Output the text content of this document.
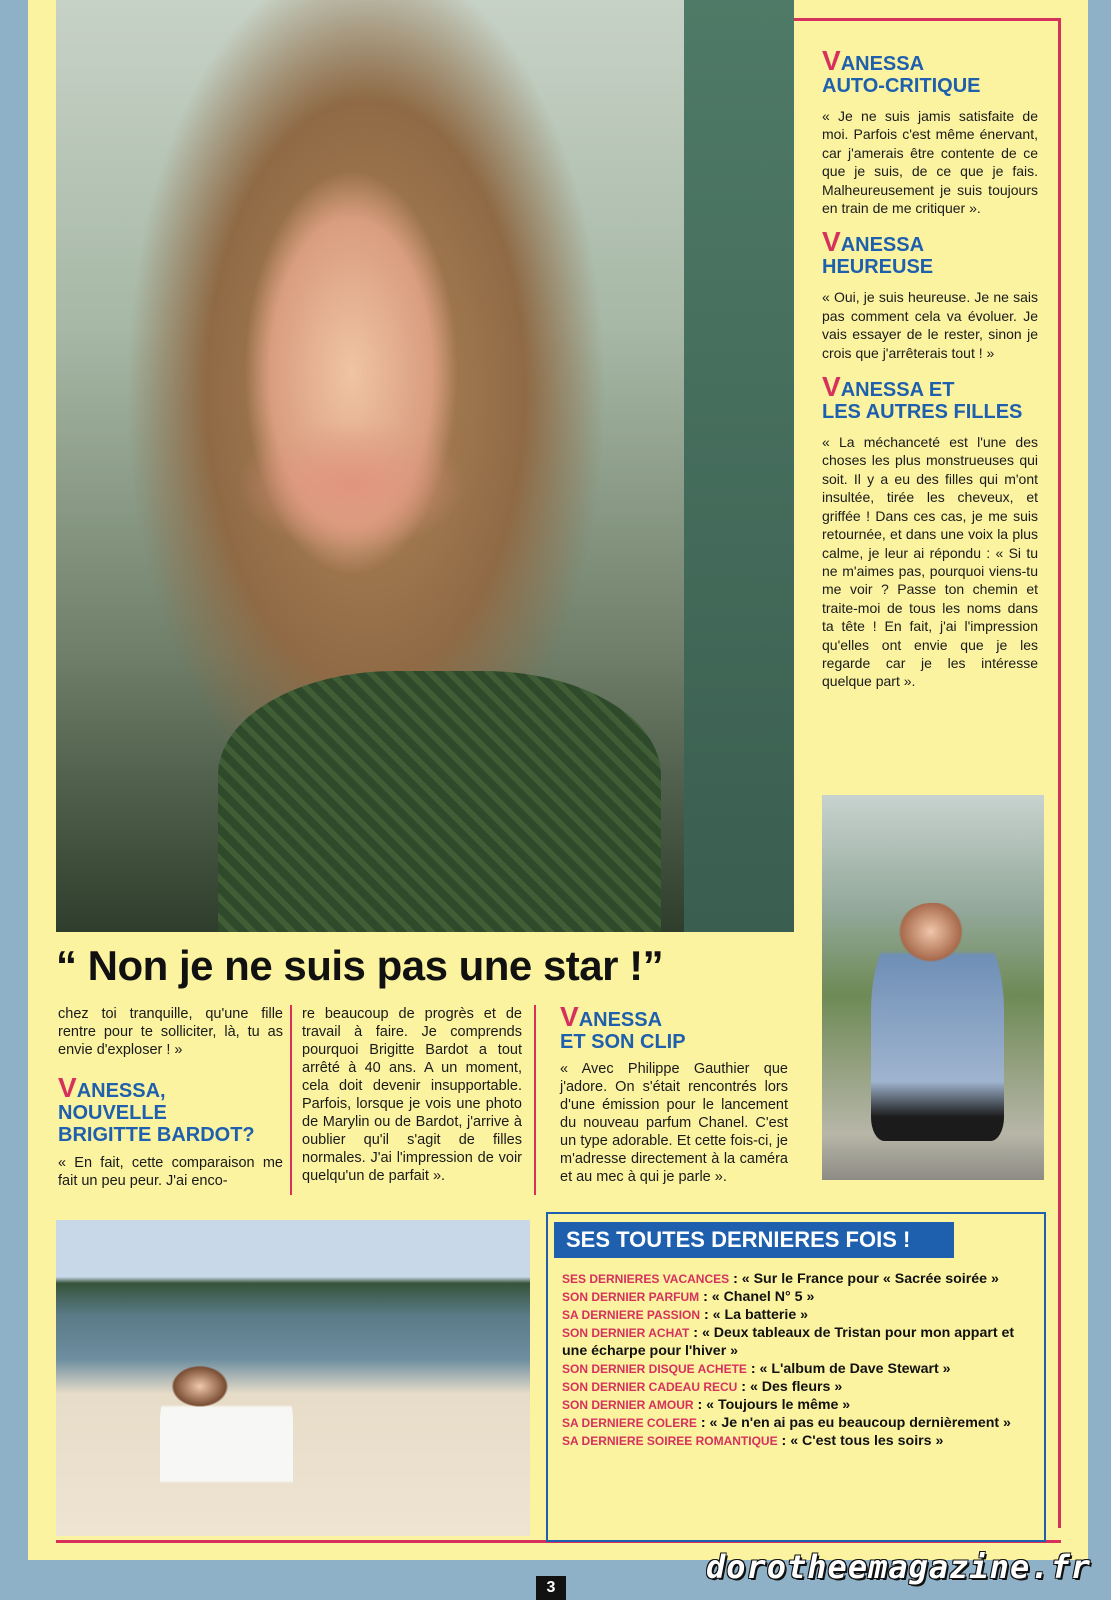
“ Non je ne suis pas une star !”

chez toi tranquille, qu'une fille rentre pour te solliciter, là, tu as envie d'exploser ! »

VANESSA,
NOUVELLE
BRIGITTE BARDOT?

« En fait, cette comparaison me fait un peu peur. J'ai enco-

re beaucoup de progrès et de travail à faire. Je comprends pourquoi Brigitte Bardot a tout arrêté à 40 ans. A un moment, cela doit devenir insupportable. Parfois, lorsque je vois une photo de Marylin ou de Bardot, j'arrive à oublier qu'il s'agit de filles normales. J'ai l'impression de voir quelqu'un de parfait ».

VANESSA
ET SON CLIP

« Avec Philippe Gauthier que j'adore. On s'était rencontrés lors d'une émission pour le lancement du nouveau parfum Chanel. C'est un type adorable. Et cette fois-ci, je m'adresse directement à la caméra et au mec à qui je parle ».

VANESSA
AUTO-CRITIQUE

« Je ne suis jamis satisfaite de moi. Parfois c'est même énervant, car j'amerais être contente de ce que je suis, de ce que je fais. Malheureusement je suis toujours en train de me critiquer ».

VANESSA
HEUREUSE

« Oui, je suis heureuse. Je ne sais pas comment cela va évoluer. Je vais essayer de le rester, sinon je crois que j'arrêterais tout ! »

VANESSA ET
LES AUTRES FILLES

« La méchanceté est l'une des choses les plus monstrueuses qui soit. Il y a eu des filles qui m'ont insultée, tirée les cheveux, et griffée ! Dans ces cas, je me suis retournée, et dans une voix la plus calme, je leur ai répondu : « Si tu ne m'aimes pas, pourquoi viens-tu me voir ? Passe ton chemin et traite-moi de tous les noms dans ta tête ! En fait, j'ai l'impression qu'elles ont envie que je les regarde car je les intéresse quelque part ».

SES TOUTES DERNIERES FOIS !

SES DERNIERES VACANCES : « Sur le France pour « Sacrée soirée »

SON DERNIER PARFUM : « Chanel N° 5 »

SA DERNIERE PASSION : « La batterie »

SON DERNIER ACHAT : « Deux tableaux de Tristan pour mon appart et une écharpe pour l'hiver »

SON DERNIER DISQUE ACHETE : « L'album de Dave Stewart »

SON DERNIER CADEAU RECU : « Des fleurs »

SON DERNIER AMOUR : « Toujours le même »

SA DERNIERE COLERE : « Je n'en ai pas eu beaucoup dernièrement »

SA DERNIERE SOIREE ROMANTIQUE : « C'est tous les soirs »

3
dorotheemagazine.fr
